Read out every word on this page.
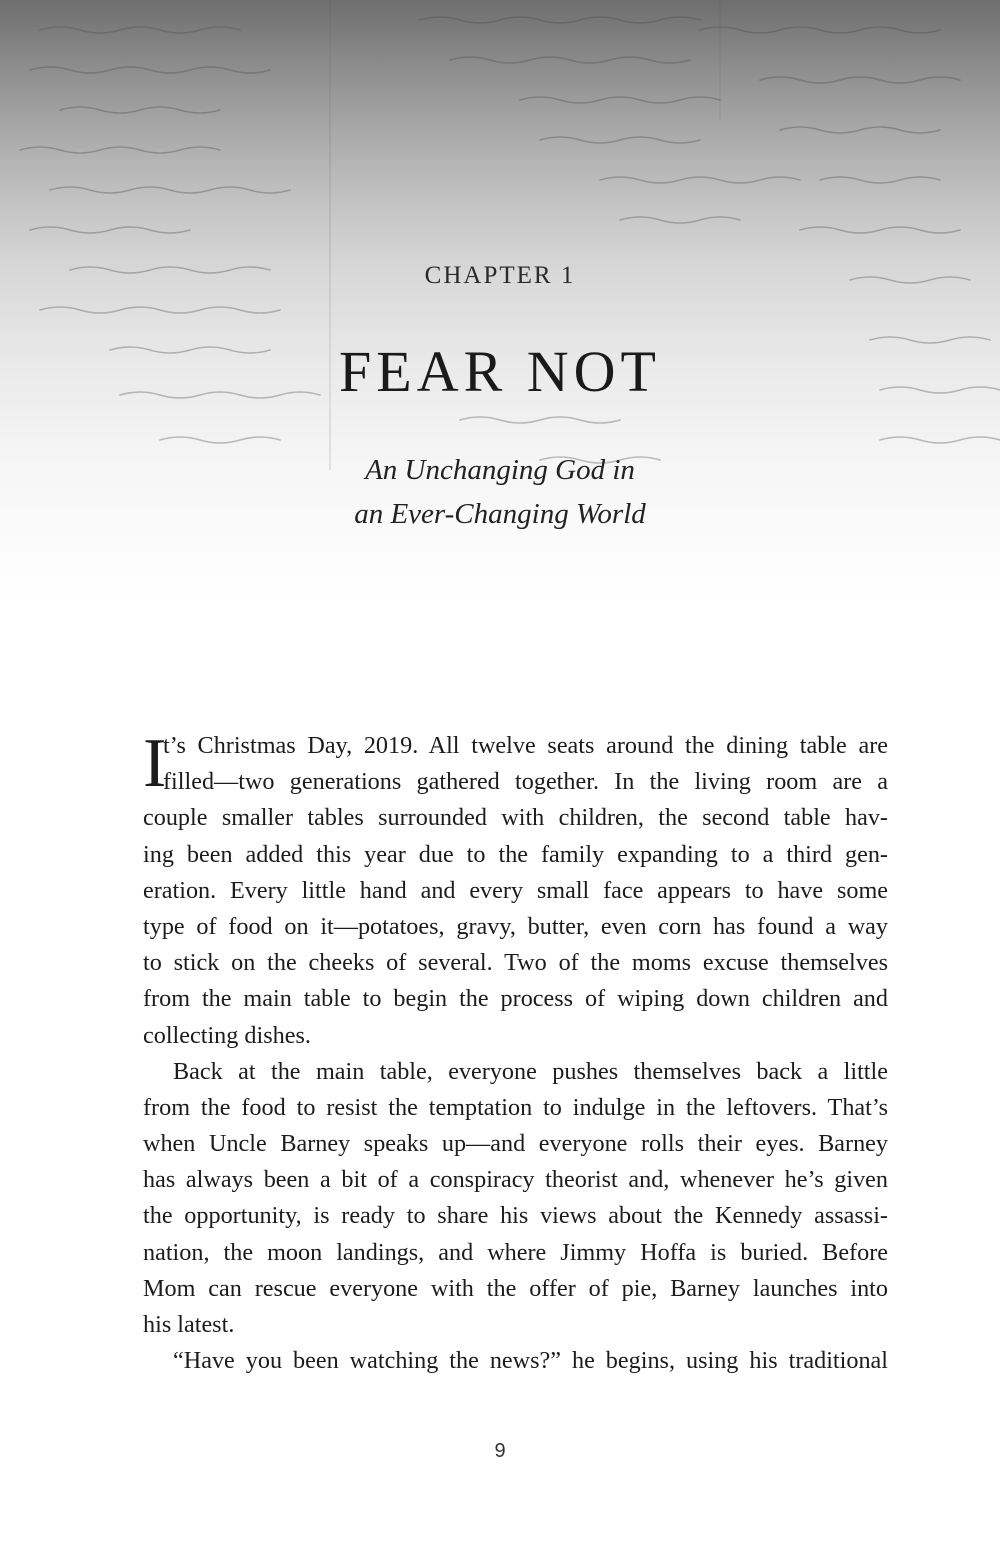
CHAPTER 1
FEAR NOT
An Unchanging God in
an Ever-Changing World
I
t’s Christmas Day, 2019. All twelve seats around the dining table are
filled—two generations gathered together. In the living room are a
couple smaller tables surrounded with children, the second table hav-
ing been added this year due to the family expanding to a third gen-
eration. Every little hand and every small face appears to have some
type of food on it—potatoes, gravy, butter, even corn has found a way
to stick on the cheeks of several. Two of the moms excuse themselves
from the main table to begin the process of wiping down children and
collecting dishes.
Back at the main table, everyone pushes themselves back a little
from the food to resist the temptation to indulge in the leftovers. That’s
when Uncle Barney speaks up—and everyone rolls their eyes. Barney
has always been a bit of a conspiracy theorist and, whenever he’s given
the opportunity, is ready to share his views about the Kennedy assassi-
nation, the moon landings, and where Jimmy Hoffa is buried. Before
Mom can rescue everyone with the offer of pie, Barney launches into
his latest.
“Have you been watching the news?” he begins, using his traditional
9
